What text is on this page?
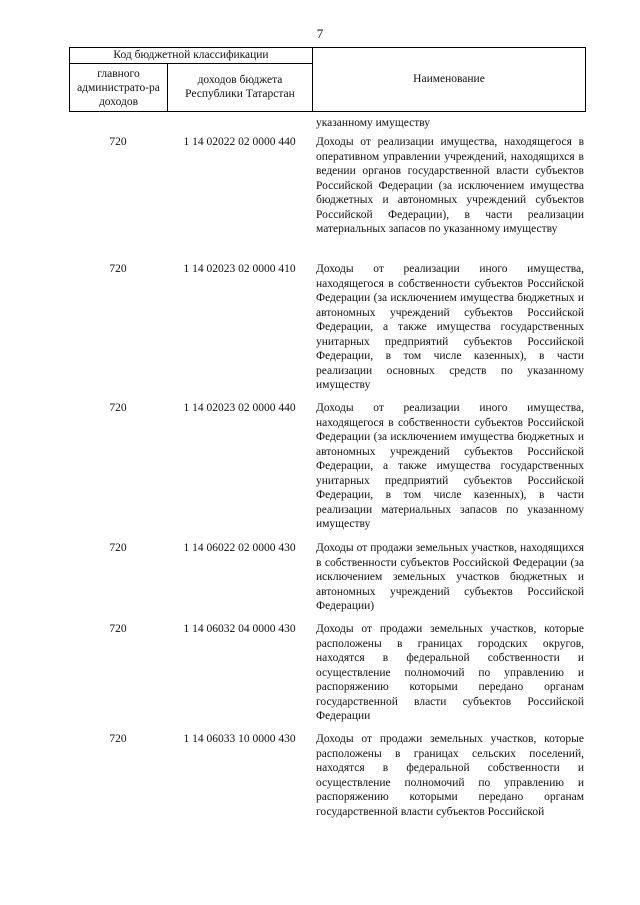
7
Код бюджетной классификации
главного администрато-ра доходов
доходов бюджета Республики Татарстан
Наименование
указанному имуществу
720	1 14 02022 02 0000 440	Доходы от реализации имущества, находящегося в оперативном управлении учреждений, находящихся в ведении органов государственной власти субъектов Российской Федерации (за исключением имущества бюджетных и автономных учреждений субъектов Российской Федерации), в части реализации материальных запасов по указанному имуществу
720	1 14 02023 02 0000 410	Доходы от реализации иного имущества, находящегося в собственности субъектов Российской Федерации (за исключением имущества бюджетных и автономных учреждений субъектов Российской Федерации, а также имущества государственных унитарных предприятий субъектов Российской Федерации, в том числе казенных), в части реализации основных средств по указанному имуществу
720	1 14 02023 02 0000 440	Доходы от реализации иного имущества, находящегося в собственности субъектов Российской Федерации (за исключением имущества бюджетных и автономных учреждений субъектов Российской Федерации, а также имущества государственных унитарных предприятий субъектов Российской Федерации, в том числе казенных), в части реализации материальных запасов по указанному имуществу
720	1 14 06022 02 0000 430	Доходы от продажи земельных участков, находящихся в собственности субъектов Российской Федерации (за исключением земельных участков бюджетных и автономных учреждений субъектов Российской Федерации)
720	1 14 06032 04 0000 430	Доходы от продажи земельных участков, которые расположены в границах городских округов, находятся в федеральной собственности и осуществление полномочий по управлению и распоряжению которыми передано органам государственной власти субъектов Российской Федерации
720	1 14 06033 10 0000 430	Доходы от продажи земельных участков, которые расположены в границах сельских поселений, находятся в федеральной собственности и осуществление полномочий по управлению и распоряжению которыми передано органам государственной власти субъектов Российской
